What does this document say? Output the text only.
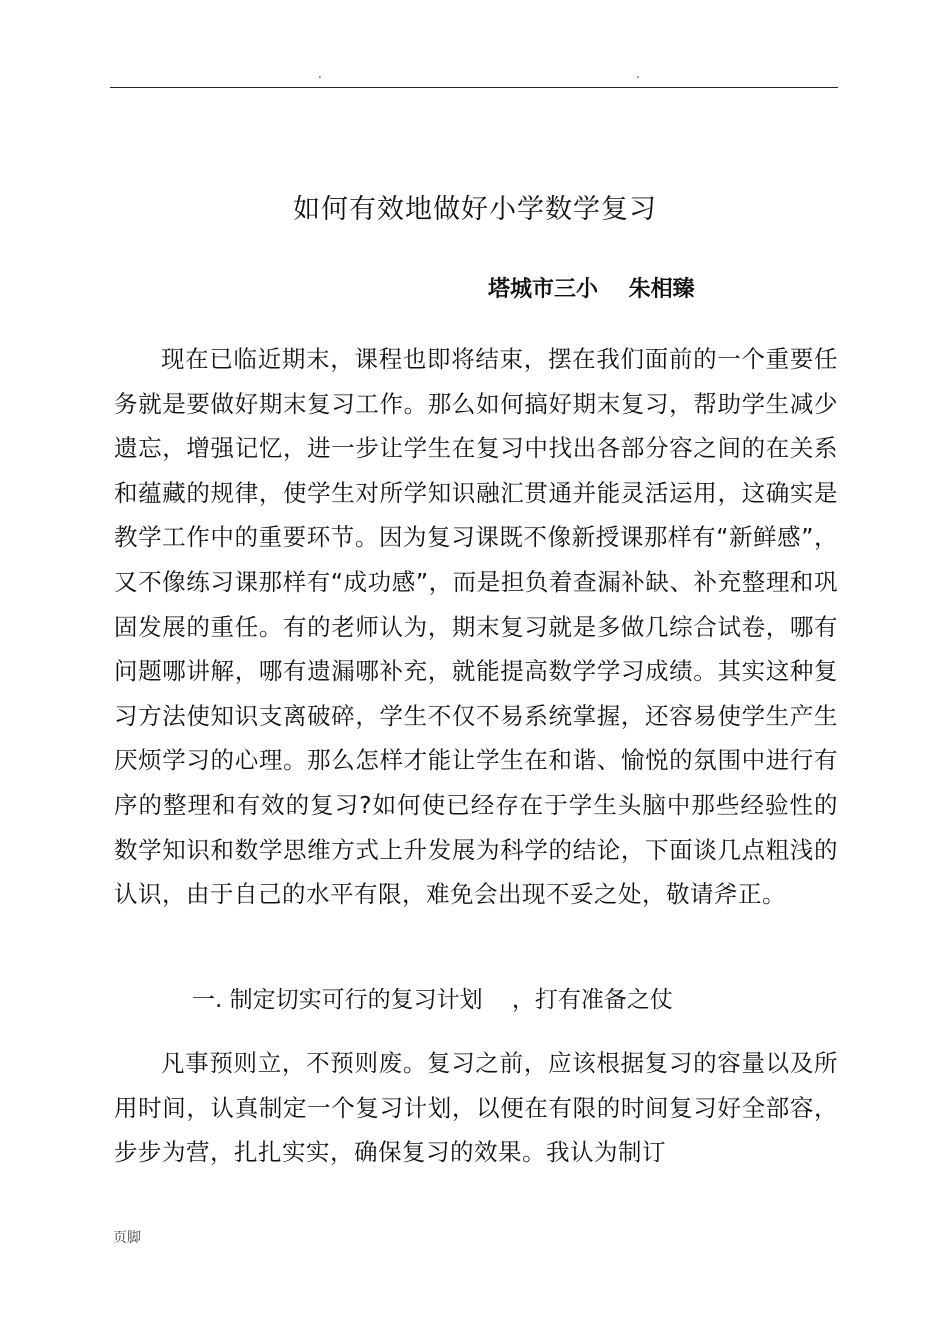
.	.
如何有效地做好小学数学复习
塔城市三小    朱相臻

现在已临近期末，课程也即将结束，摆在我们面前的一个重要任务就是要做好期末复习工作。那么如何搞好期末复习，帮助学生减少遗忘，增强记忆，进一步让学生在复习中找出各部分容之间的在关系和蕴藏的规律，使学生对所学知识融汇贯通并能灵活运用，这确实是教学工作中的重要环节。因为复习课既不像新授课那样有“新鲜感”，又不像练习课那样有“成功感”，而是担负着查漏补缺、补充整理和巩固发展的重任。有的老师认为，期末复习就是多做几综合试卷，哪有问题哪讲解，哪有遗漏哪补充，就能提高数学学习成绩。其实这种复习方法使知识支离破碎，学生不仅不易系统掌握，还容易使学生产生厌烦学习的心理。那么怎样才能让学生在和谐、愉悦的氛围中进行有序的整理和有效的复习?如何使已经存在于学生头脑中那些经验性的数学知识和数学思维方式上升发展为科学的结论，下面谈几点粗浅的认识，由于自己的水平有限，难免会出现不妥之处，敬请斧正。

一. 制定切实可行的复习计划    ，打有准备之仗

凡事预则立，不预则废。复习之前，应该根据复习的容量以及所用时间，认真制定一个复习计划，以便在有限的时间复习好全部容，步步为营，扎扎实实，确保复习的效果。我认为制订

页脚
